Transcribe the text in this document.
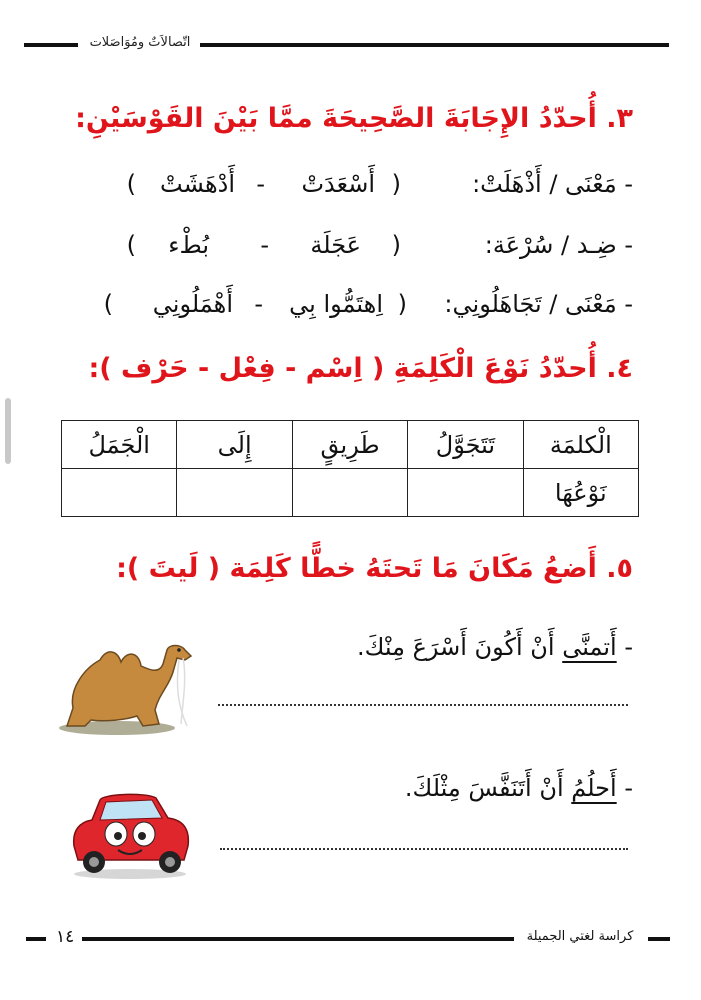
اتّصالاَتٌ ومُوَاصَلات
٣. أُحدّدُ الإِجَابَةَ الصَّحِيحَةَ ممَّا بَيْنَ القَوْسَيْنِ:
- مَعْنَى / أَذْهَلَتْ:
(
أَسْعَدَتْ
-
أَدْهَشَتْ
)
- ضِـد / سُرْعَة:
(
عَجَلَة
-
بُطْء
)
- مَعْنَى / تَجَاهَلُونِي:
(
اِهتَمُّوا بِي
-
أَهْمَلُونِي
)
٤. أُحدّدُ نَوْعَ الْكَلِمَةِ ( اِسْم - فِعْل - حَرْف ):
الْكلمَة	تَتَجَوَّلُ	طَرِيقٍ	إِلَى	الْجَمَلُ
نَوْعُهَا				
٥. أَضعُ مَكَانَ مَا تَحتَهُ خطًّا كَلِمَة ( لَيتَ ):
- أَتمنَّى أَنْ أَكُونَ أَسْرَعَ مِنْكَ.
- أَحلُمُ أَنْ أَتَنَفَّسَ مِثْلَكَ.
١٤	كراسة لغتي الجميلة
